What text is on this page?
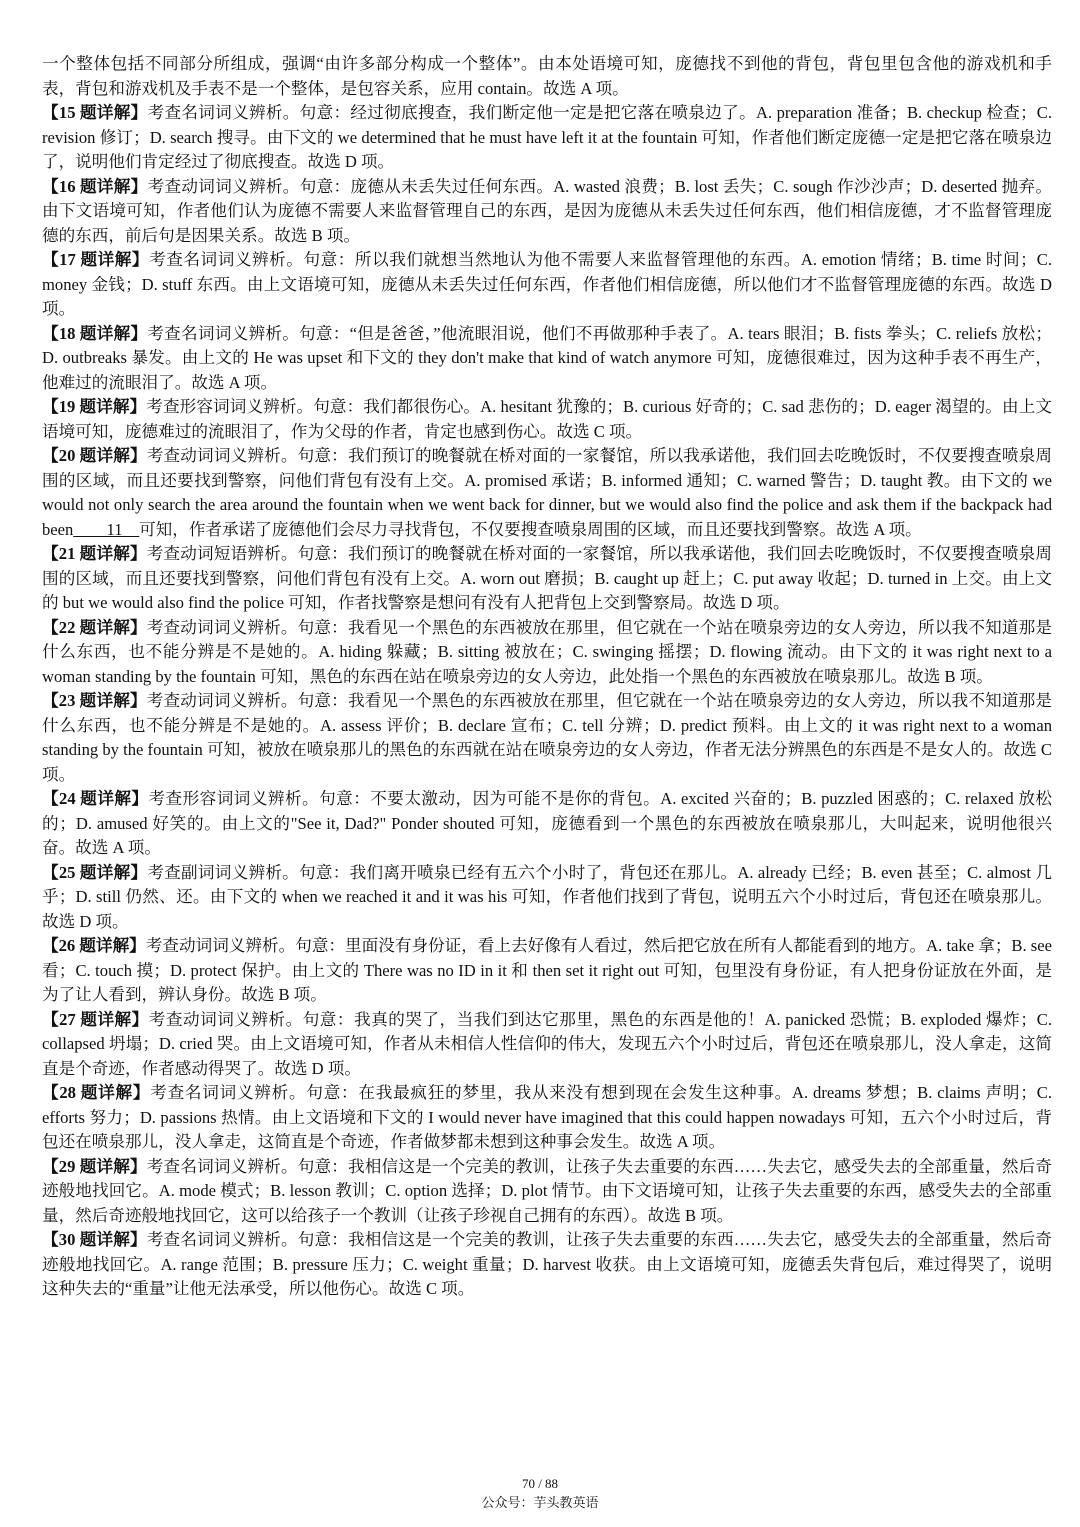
一个整体包括不同部分所组成，强调“由许多部分构成一个整体”。由本处语境可知，庞德找不到他的背包，背包里包含他的游戏机和手表，背包和游戏机及手表不是一个整体，是包容关系，应用 contain。故选 A 项。

【15 题详解】考查名词词义辨析。句意：经过彻底搜查，我们断定他一定是把它落在喷泉边了。A. preparation 准备；B. checkup 检查；C. revision 修订；D. search 搜寻。由下文的 we determined that he must have left it at the fountain 可知，作者他们断定庞德一定是把它落在喷泉边了，说明他们肯定经过了彻底搜查。故选 D 项。

【16 题详解】考查动词词义辨析。句意：庞德从未丢失过任何东西。A. wasted 浪费；B. lost 丢失；C. sough 作沙沙声；D. deserted 抛弃。由下文语境可知，作者他们认为庞德不需要人来监督管理自己的东西，是因为庞德从未丢失过任何东西，他们相信庞德，才不监督管理庞德的东西，前后句是因果关系。故选 B 项。

【17 题详解】考查名词词义辨析。句意：所以我们就想当然地认为他不需要人来监督管理他的东西。A. emotion 情绪；B. time 时间；C. money 金钱；D. stuff 东西。由上文语境可知，庞德从未丢失过任何东西，作者他们相信庞德，所以他们才不监督管理庞德的东西。故选 D 项。

【18 题详解】考查名词词义辨析。句意：“但是爸爸，”他流眼泪说，他们不再做那种手表了。A. tears 眼泪；B. fists 拳头；C. reliefs 放松；D. outbreaks 暴发。由上文的 He was upset 和下文的 they don't make that kind of watch anymore 可知，庞德很难过，因为这种手表不再生产，他难过的流眼泪了。故选 A 项。

【19 题详解】考查形容词词义辨析。句意：我们都很伤心。A. hesitant 犹豫的；B. curious 好奇的；C. sad 悲伤的；D. eager 渴望的。由上文语境可知，庞德难过的流眼泪了，作为父母的作者，肯定也感到伤心。故选 C 项。

【20 题详解】考查动词词义辨析。句意：我们预订的晚餐就在桥对面的一家餐馆，所以我承诺他，我们回去吃晚饭时，不仅要搜查喷泉周围的区域，而且还要找到警察，问他们背包有没有上交。A. promised 承诺；B. informed 通知；C. warned 警告；D. taught 教。由下文的 we would not only search the area around the fountain when we went back for dinner, but we would also find the police and ask them if the backpack had been____11__可知，作者承诺了庞德他们会尽力寻找背包，不仅要搜查喷泉周围的区域，而且还要找到警察。故选 A 项。

【21 题详解】考查动词短语辨析。句意：我们预订的晚餐就在桥对面的一家餐馆，所以我承诺他，我们回去吃晚饭时，不仅要搜查喷泉周围的区域，而且还要找到警察，问他们背包有没有上交。A. worn out 磨损；B. caught up 赶上；C. put away 收起；D. turned in 上交。由上文的 but we would also find the police 可知，作者找警察是想问有没有人把背包上交到警察局。故选 D 项。

【22 题详解】考查动词词义辨析。句意：我看见一个黑色的东西被放在那里，但它就在一个站在喷泉旁边的女人旁边，所以我不知道那是什么东西，也不能分辨是不是她的。A. hiding 躲藏；B. sitting 被放在；C. swinging 摇摆；D. flowing 流动。由下文的 it was right next to a woman standing by the fountain 可知，黑色的东西在站在喷泉旁边的女人旁边，此处指一个黑色的东西被放在喷泉那儿。故选 B 项。

【23 题详解】考查动词词义辨析。句意：我看见一个黑色的东西被放在那里，但它就在一个站在喷泉旁边的女人旁边，所以我不知道那是什么东西，也不能分辨是不是她的。A. assess 评价；B. declare 宣布；C. tell 分辨；D. predict 预料。由上文的 it was right next to a woman standing by the fountain 可知，被放在喷泉那儿的黑色的东西就在站在喷泉旁边的女人旁边，作者无法分辨黑色的东西是不是女人的。故选 C 项。

【24 题详解】考查形容词词义辨析。句意：不要太激动，因为可能不是你的背包。A. excited 兴奋的；B. puzzled 困惑的；C. relaxed 放松的；D. amused 好笑的。由上文的"See it, Dad?" Ponder shouted 可知，庞德看到一个黑色的东西被放在喷泉那儿，大叫起来，说明他很兴奋。故选 A 项。

【25 题详解】考查副词词义辨析。句意：我们离开喷泉已经有五六个小时了，背包还在那儿。A. already 已经；B. even 甚至；C. almost 几乎；D. still 仍然、还。由下文的 when we reached it and it was his 可知，作者他们找到了背包，说明五六个小时过后，背包还在喷泉那儿。故选 D 项。

【26 题详解】考查动词词义辨析。句意：里面没有身份证，看上去好像有人看过，然后把它放在所有人都能看到的地方。A. take 拿；B. see 看；C. touch 摸；D. protect 保护。由上文的 There was no ID in it 和 then set it right out 可知，包里没有身份证，有人把身份证放在外面，是为了让人看到，辨认身份。故选 B 项。

【27 题详解】考查动词词义辨析。句意：我真的哭了，当我们到达它那里，黑色的东西是他的！A. panicked 恐慌；B. exploded 爆炸；C. collapsed 坍塌；D. cried 哭。由上文语境可知，作者从未相信人性信仰的伟大，发现五六个小时过后，背包还在喷泉那儿，没人拿走，这简直是个奇迹，作者感动得哭了。故选 D 项。

【28 题详解】考查名词词义辨析。句意：在我最疯狂的梦里，我从来没有想到现在会发生这种事。A. dreams 梦想；B. claims 声明；C. efforts 努力；D. passions 热情。由上文语境和下文的 I would never have imagined that this could happen nowadays 可知，五六个小时过后，背包还在喷泉那儿，没人拿走，这简直是个奇迹，作者做梦都未想到这种事会发生。故选 A 项。

【29 题详解】考查名词词义辨析。句意：我相信这是一个完美的教训，让孩子失去重要的东西……失去它，感受失去的全部重量，然后奇迹般地找回它。A. mode 模式；B. lesson 教训；C. option 选择；D. plot 情节。由下文语境可知，让孩子失去重要的东西，感受失去的全部重量，然后奇迹般地找回它，这可以给孩子一个教训（让孩子珍视自己拥有的东西）。故选 B 项。

【30 题详解】考查名词词义辨析。句意：我相信这是一个完美的教训，让孩子失去重要的东西……失去它，感受失去的全部重量，然后奇迹般地找回它。A. range 范围；B. pressure 压力；C. weight 重量；D. harvest 收获。由上文语境可知，庞德丢失背包后，难过得哭了，说明这种失去的“重量”让他无法承受，所以他伤心。故选 C 项。

70 / 88
公众号：芋头教英语
